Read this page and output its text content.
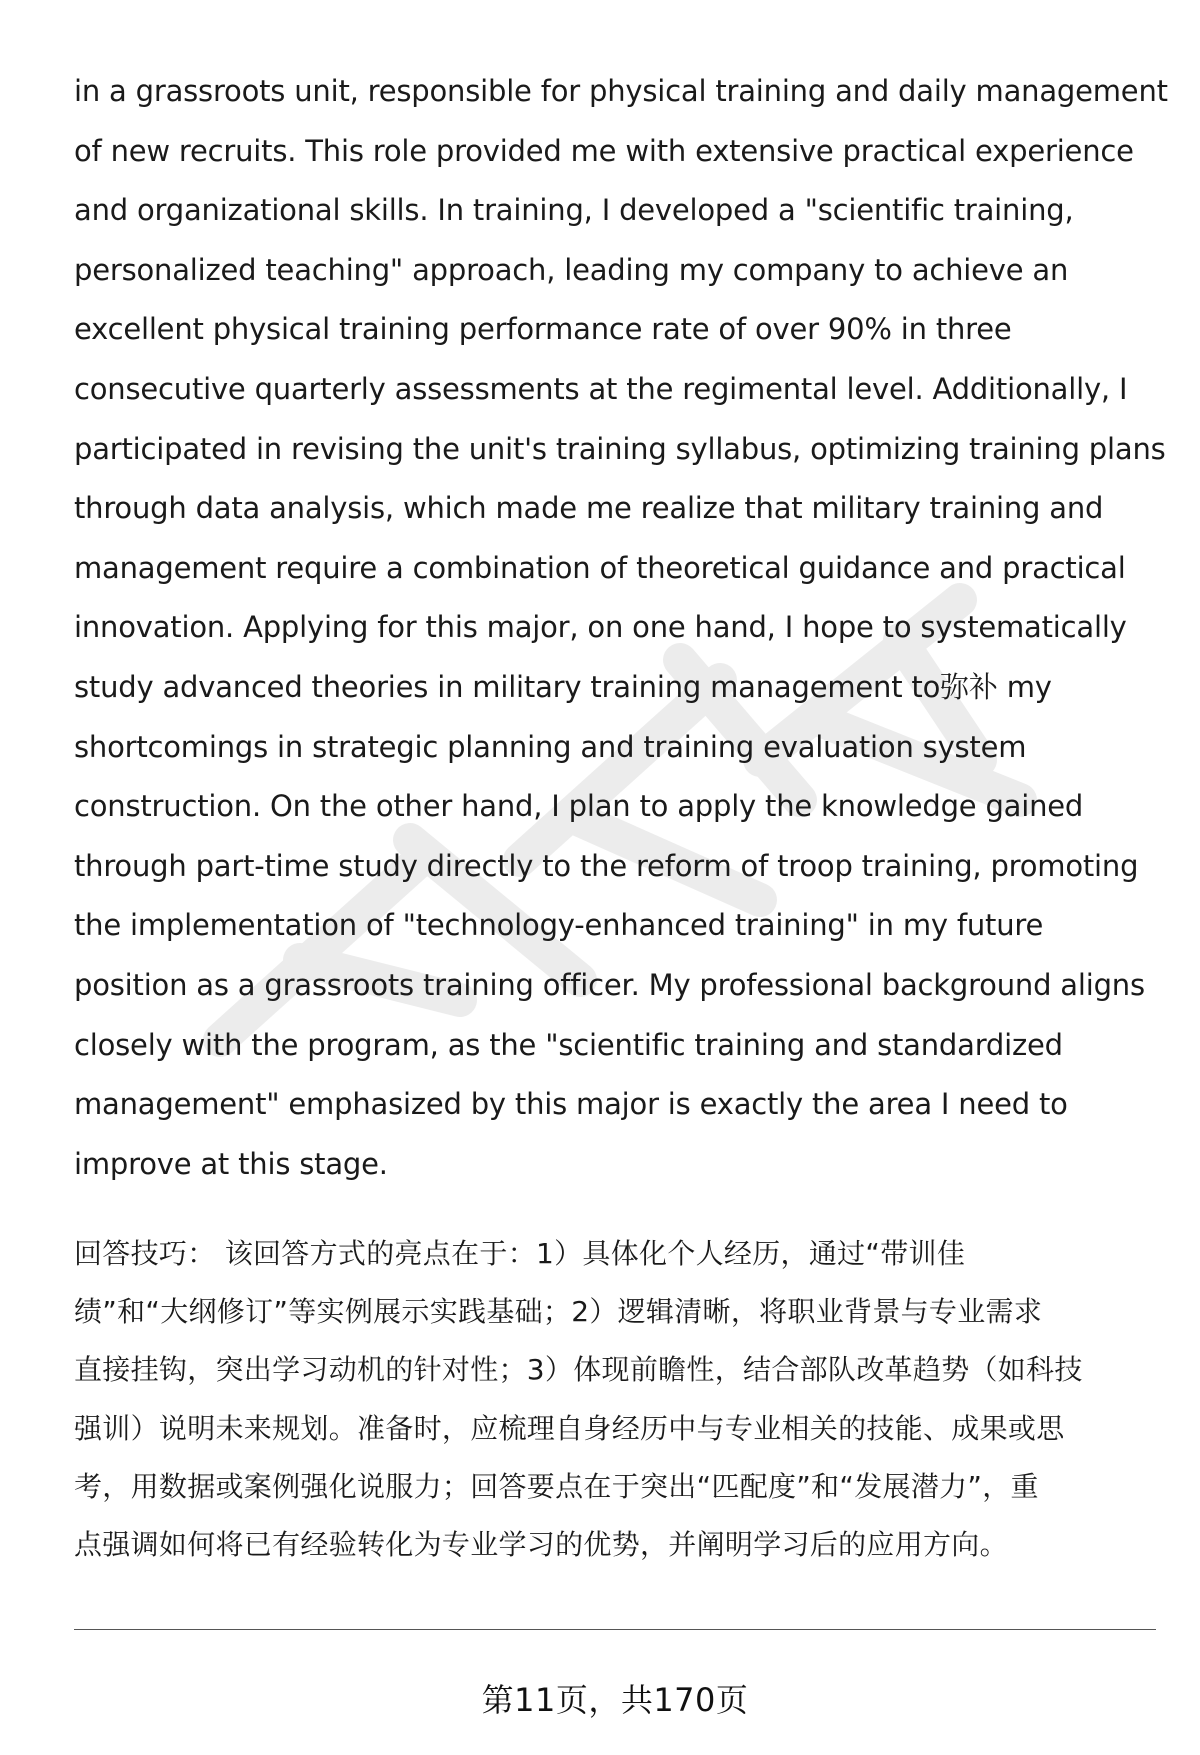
in a grassroots unit, responsible for physical training and daily management
of new recruits. This role provided me with extensive practical experience
and organizational skills. In training, I developed a "scientific training,
personalized teaching" approach, leading my company to achieve an
excellent physical training performance rate of over 90% in three
consecutive quarterly assessments at the regimental level. Additionally, I
participated in revising the unit's training syllabus, optimizing training plans
through data analysis, which made me realize that military training and
management require a combination of theoretical guidance and practical
innovation. Applying for this major, on one hand, I hope to systematically
study advanced theories in military training management to弥补 my
shortcomings in strategic planning and training evaluation system
construction. On the other hand, I plan to apply the knowledge gained
through part-time study directly to the reform of troop training, promoting
the implementation of "technology-enhanced training" in my future
position as a grassroots training officer. My professional background aligns
closely with the program, as the "scientific training and standardized
management" emphasized by this major is exactly the area I need to
improve at this stage.

回答技巧： 该回答方式的亮点在于：1）具体化个人经历，通过“带训佳
绩”和“大纲修订”等实例展示实践基础；2）逻辑清晰，将职业背景与专业需求
直接挂钩，突出学习动机的针对性；3）体现前瞻性，结合部队改革趋势（如科技
强训）说明未来规划。准备时，应梳理自身经历中与专业相关的技能、成果或思
考，用数据或案例强化说服力；回答要点在于突出“匹配度”和“发展潜力”，重
点强调如何将已有经验转化为专业学习的优势，并阐明学习后的应用方向。

第11页，共170页
